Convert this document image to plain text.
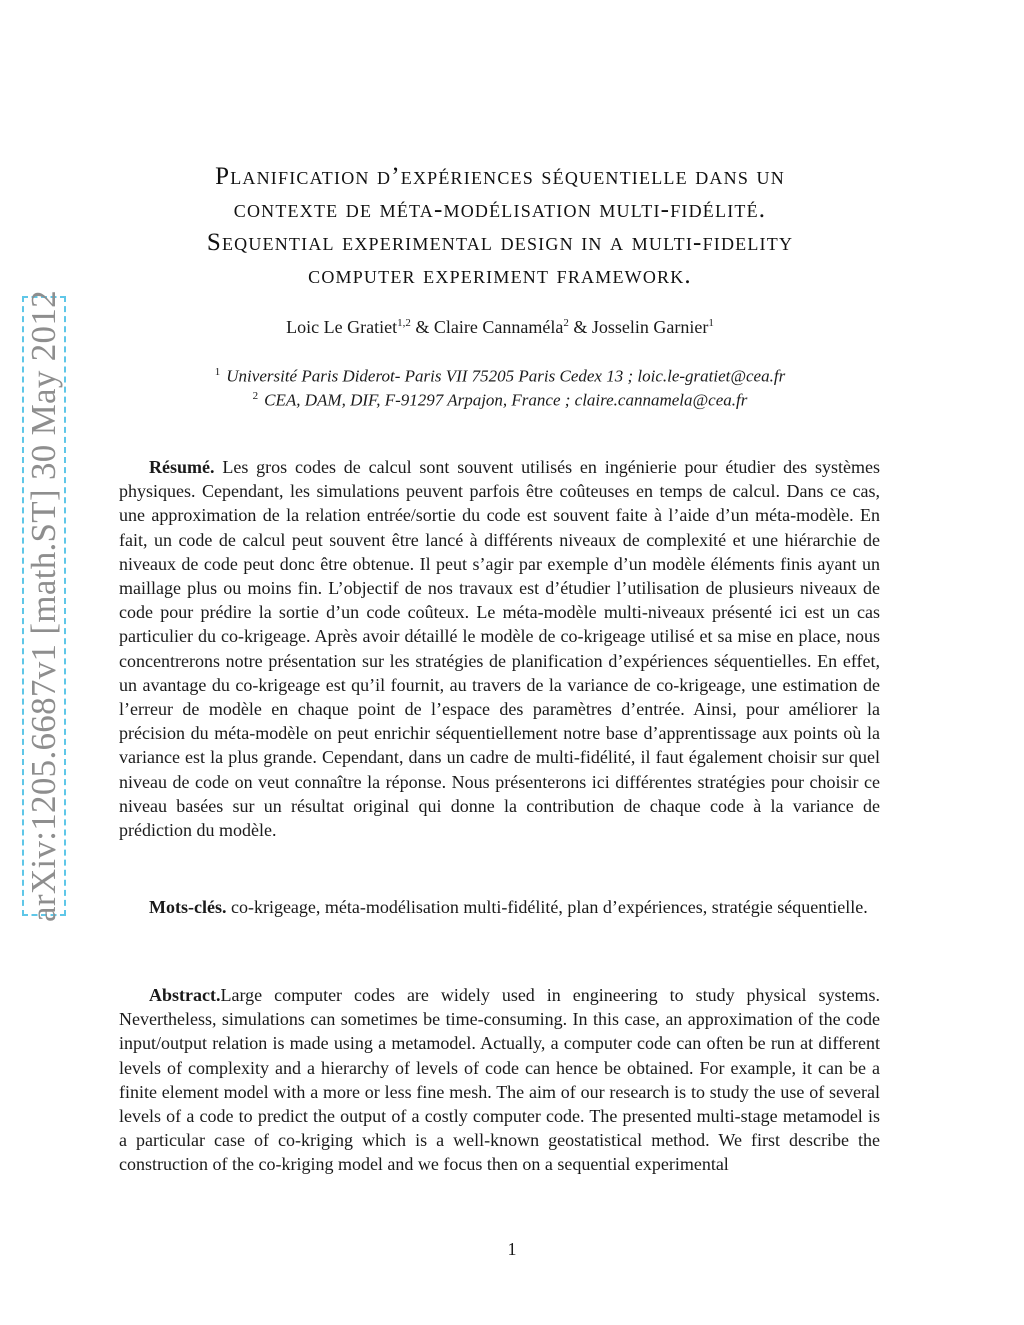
arXiv:1205.6687v1 [math.ST] 30 May 2012
Planification d’expériences séquentielle dans un
contexte de méta-modélisation multi-fidélité.
Sequential experimental design in a multi-fidelity
computer experiment framework.
Loic Le Gratiet$^{1,2}$ & Claire Cannaméla$^2$ & Josselin Garnier$^1$
$^1$ Université Paris Diderot- Paris VII 75205 Paris Cedex 13 ; loic.le-gratiet@cea.fr
$^2$ CEA, DAM, DIF, F-91297 Arpajon, France ; claire.cannamela@cea.fr

Résumé. Les gros codes de calcul sont souvent utilisés en ingénierie pour étudier des systèmes physiques. Cependant, les simulations peuvent parfois être coûteuses en temps de calcul. Dans ce cas, une approximation de la relation entrée/sortie du code est souvent faite à l’aide d’un méta-modèle. En fait, un code de calcul peut souvent être lancé à différents niveaux de complexité et une hiérarchie de niveaux de code peut donc être obtenue. Il peut s’agir par exemple d’un modèle éléments finis ayant un maillage plus ou moins fin. L’objectif de nos travaux est d’étudier l’utilisation de plusieurs niveaux de code pour prédire la sortie d’un code coûteux. Le méta-modèle multi-niveaux présenté ici est un cas particulier du co-krigeage. Après avoir détaillé le modèle de co-krigeage utilisé et sa mise en place, nous concentrerons notre présentation sur les stratégies de planification d’expériences séquentielles. En effet, un avantage du co-krigeage est qu’il fournit, au travers de la variance de co-krigeage, une estimation de l’erreur de modèle en chaque point de l’espace des paramètres d’entrée. Ainsi, pour améliorer la précision du méta-modèle on peut enrichir séquentiellement notre base d’apprentissage aux points où la variance est la plus grande. Cependant, dans un cadre de multi-fidélité, il faut également choisir sur quel niveau de code on veut connaître la réponse. Nous présenterons ici différentes stratégies pour choisir ce niveau basées sur un résultat original qui donne la contribution de chaque code à la variance de prédiction du modèle.

Mots-clés. co-krigeage, méta-modélisation multi-fidélité, plan d’expériences, stratégie séquentielle.

Abstract.Large computer codes are widely used in engineering to study physical systems. Nevertheless, simulations can sometimes be time-consuming. In this case, an approximation of the code input/output relation is made using a metamodel. Actually, a computer code can often be run at different levels of complexity and a hierarchy of levels of code can hence be obtained. For example, it can be a finite element model with a more or less fine mesh. The aim of our research is to study the use of several levels of a code to predict the output of a costly computer code. The presented multi-stage metamodel is a particular case of co-kriging which is a well-known geostatistical method. We first describe the construction of the co-kriging model and we focus then on a sequential experimental

1
